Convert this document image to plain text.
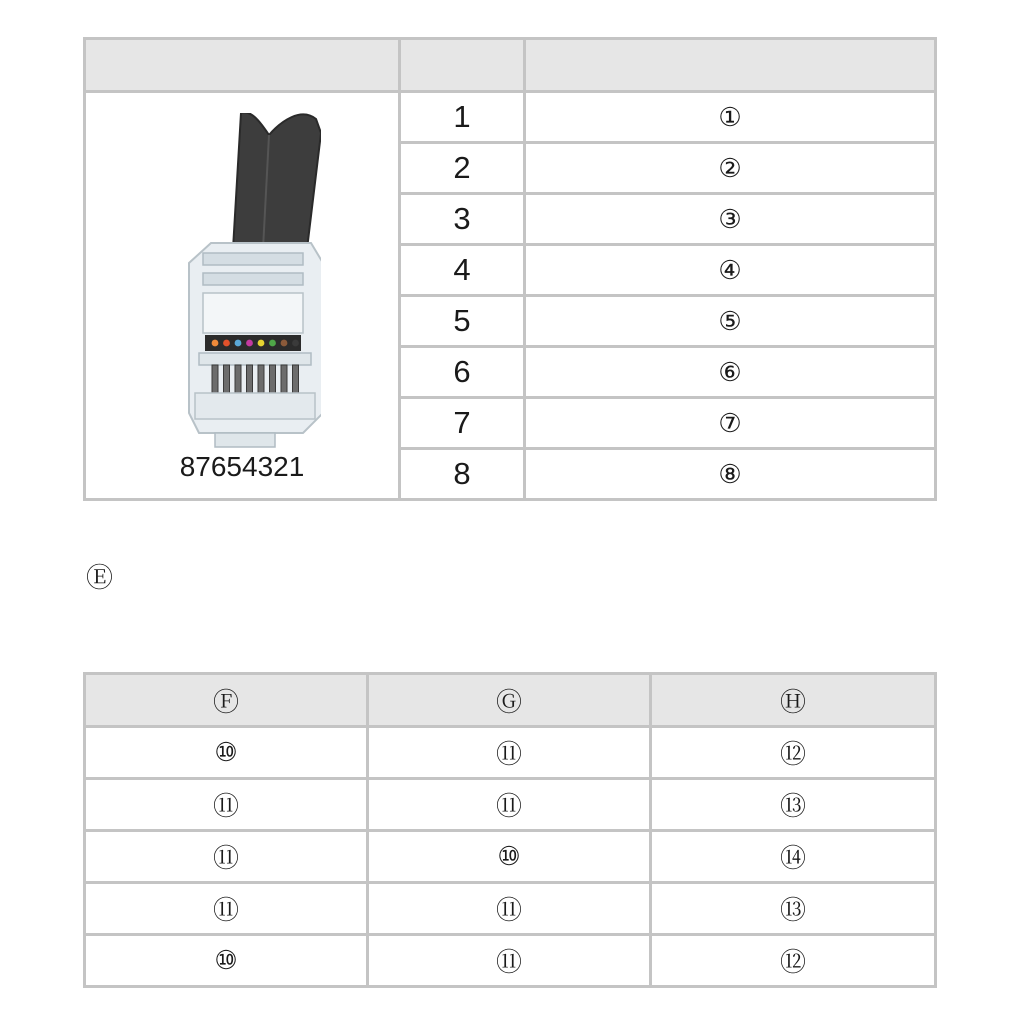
87654321	1	①
	2	②
	3	③
	4	④
	5	⑤
	6	⑥
	7	⑦
	8	⑧
Ⓔ
Ⓕ	Ⓖ	Ⓗ
⑩	⑪	⑫
⑪	⑪	⑬
⑪	⑩	⑭
⑪	⑪	⑬
⑩	⑪	⑫
